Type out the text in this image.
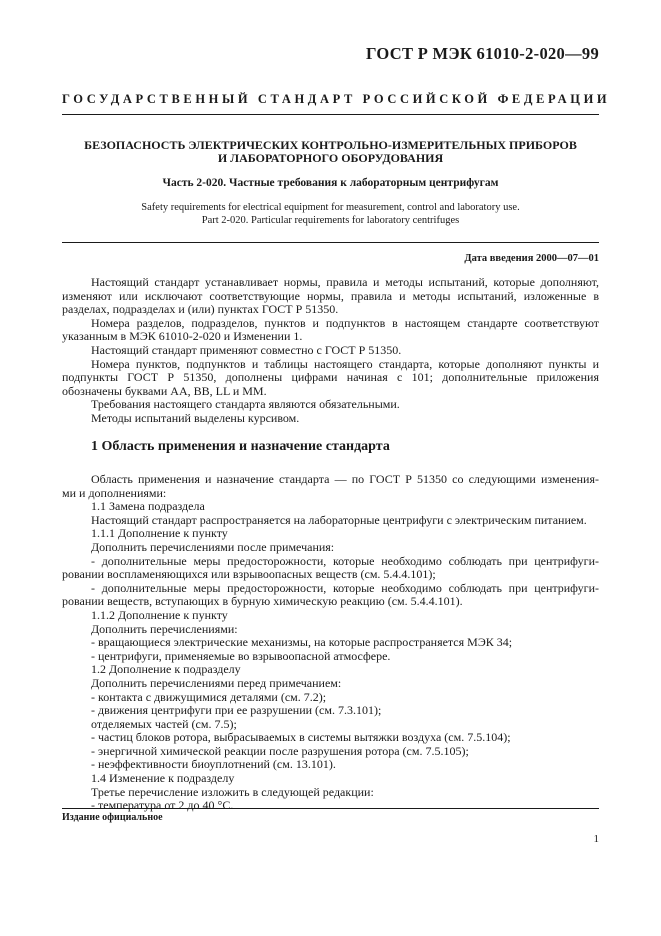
ГОСТ Р МЭК 61010-2-020—99
ГОСУДАРСТВЕННЫЙ СТАНДАРТ РОССИЙСКОЙ ФЕДЕРАЦИИ
БЕЗОПАСНОСТЬ ЭЛЕКТРИЧЕСКИХ КОНТРОЛЬНО-ИЗМЕРИТЕЛЬНЫХ ПРИБОРОВ
И ЛАБОРАТОРНОГО ОБОРУДОВАНИЯ
Часть 2-020. Частные требования к лабораторным центрифугам
Safety requirements for electrical equipment for measurement, control and laboratory use.
Part 2-020. Particular requirements for laboratory centrifuges
Дата введения 2000—07—01
Настоящий стандарт устанавливает нормы, правила и методы испытаний, которые дополняют,
изменяют или исключают соответствующие нормы, правила и методы испытаний, изложенные в
разделах, подразделах и (или) пунктах ГОСТ Р 51350.
Номера разделов, подразделов, пунктов и подпунктов в настоящем стандарте соответствуют
указанным в МЭК 61010-2-020 и Изменении 1.
Настоящий стандарт применяют совместно с ГОСТ Р 51350.
Номера пунктов, подпунктов и таблицы настоящего стандарта, которые дополняют пункты и
подпункты ГОСТ Р 51350, дополнены цифрами начиная с 101; дополнительные приложения
обозначены буквами AA, BB, LL и MM.
Требования настоящего стандарта являются обязательными.
Методы испытаний выделены курсивом.
1 Область применения и назначение стандарта
Область применения и назначение стандарта — по ГОСТ Р 51350 со следующими изменения-
ми и дополнениями:
1.1 Замена подраздела
Настоящий стандарт распространяется на лабораторные центрифуги с электрическим питанием.
1.1.1 Дополнение к пункту
Дополнить перечислениями после примечания:
- дополнительные меры предосторожности, которые необходимо соблюдать при центрифуги-
ровании воспламеняющихся или взрывоопасных веществ (см. 5.4.4.101);
- дополнительные меры предосторожности, которые необходимо соблюдать при центрифуги-
ровании веществ, вступающих в бурную химическую реакцию (см. 5.4.4.101).
1.1.2 Дополнение к пункту
Дополнить перечислениями:
- вращающиеся электрические механизмы, на которые распространяется МЭК 34;
- центрифуги, применяемые во взрывоопасной атмосфере.
1.2 Дополнение к подразделу
Дополнить перечислениями перед примечанием:
- контакта с движущимися деталями (см. 7.2);
- движения центрифуги при ее разрушении (см. 7.3.101);
отделяемых частей (см. 7.5);
- частиц блоков ротора, выбрасываемых в системы вытяжки воздуха (см. 7.5.104);
- энергичной химической реакции после разрушения ротора (см. 7.5.105);
- неэффективности биоуплотнений (см. 13.101).
1.4 Изменение к подразделу
Третье перечисление изложить в следующей редакции:
- температура от 2 до 40 °С.
Издание официальное
1
